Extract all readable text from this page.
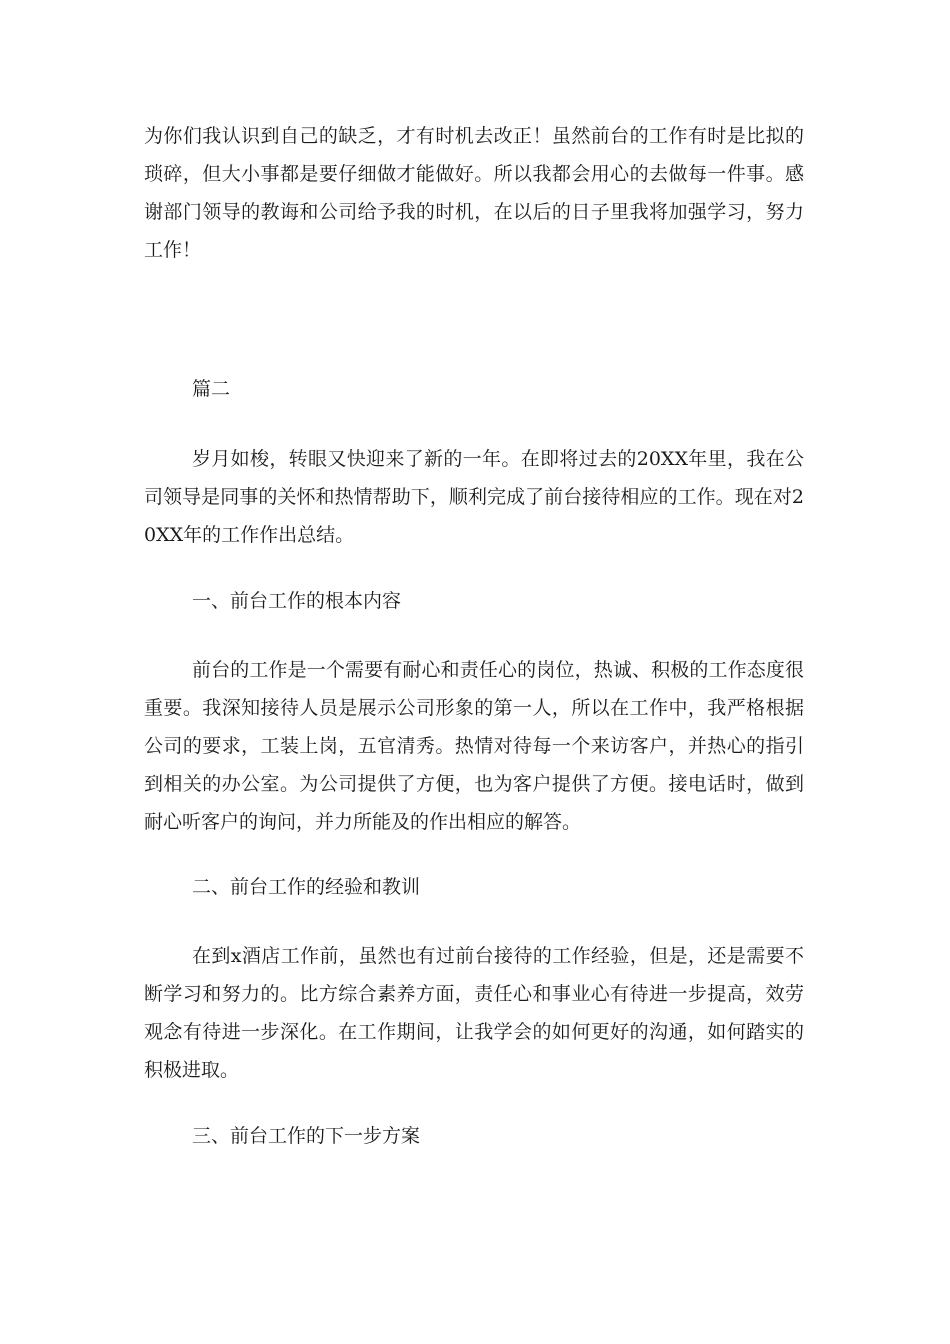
为你们我认识到自己的缺乏，才有时机去改正！虽然前台的工作有时是比拟的琐碎，但大小事都是要仔细做才能做好。所以我都会用心的去做每一件事。感谢部门领导的教诲和公司给予我的时机，在以后的日子里我将加强学习，努力工作！

篇二

岁月如梭，转眼又快迎来了新的一年。在即将过去的20XX年里，我在公司领导是同事的关怀和热情帮助下，顺利完成了前台接待相应的工作。现在对20XX年的工作作出总结。

一、前台工作的根本内容

前台的工作是一个需要有耐心和责任心的岗位，热诚、积极的工作态度很重要。我深知接待人员是展示公司形象的第一人，所以在工作中，我严格根据公司的要求，工装上岗，五官清秀。热情对待每一个来访客户，并热心的指引到相关的办公室。为公司提供了方便，也为客户提供了方便。接电话时，做到耐心听客户的询问，并力所能及的作出相应的解答。

二、前台工作的经验和教训

在到x酒店工作前，虽然也有过前台接待的工作经验，但是，还是需要不断学习和努力的。比方综合素养方面，责任心和事业心有待进一步提高，效劳观念有待进一步深化。在工作期间，让我学会的如何更好的沟通，如何踏实的积极进取。

三、前台工作的下一步方案
